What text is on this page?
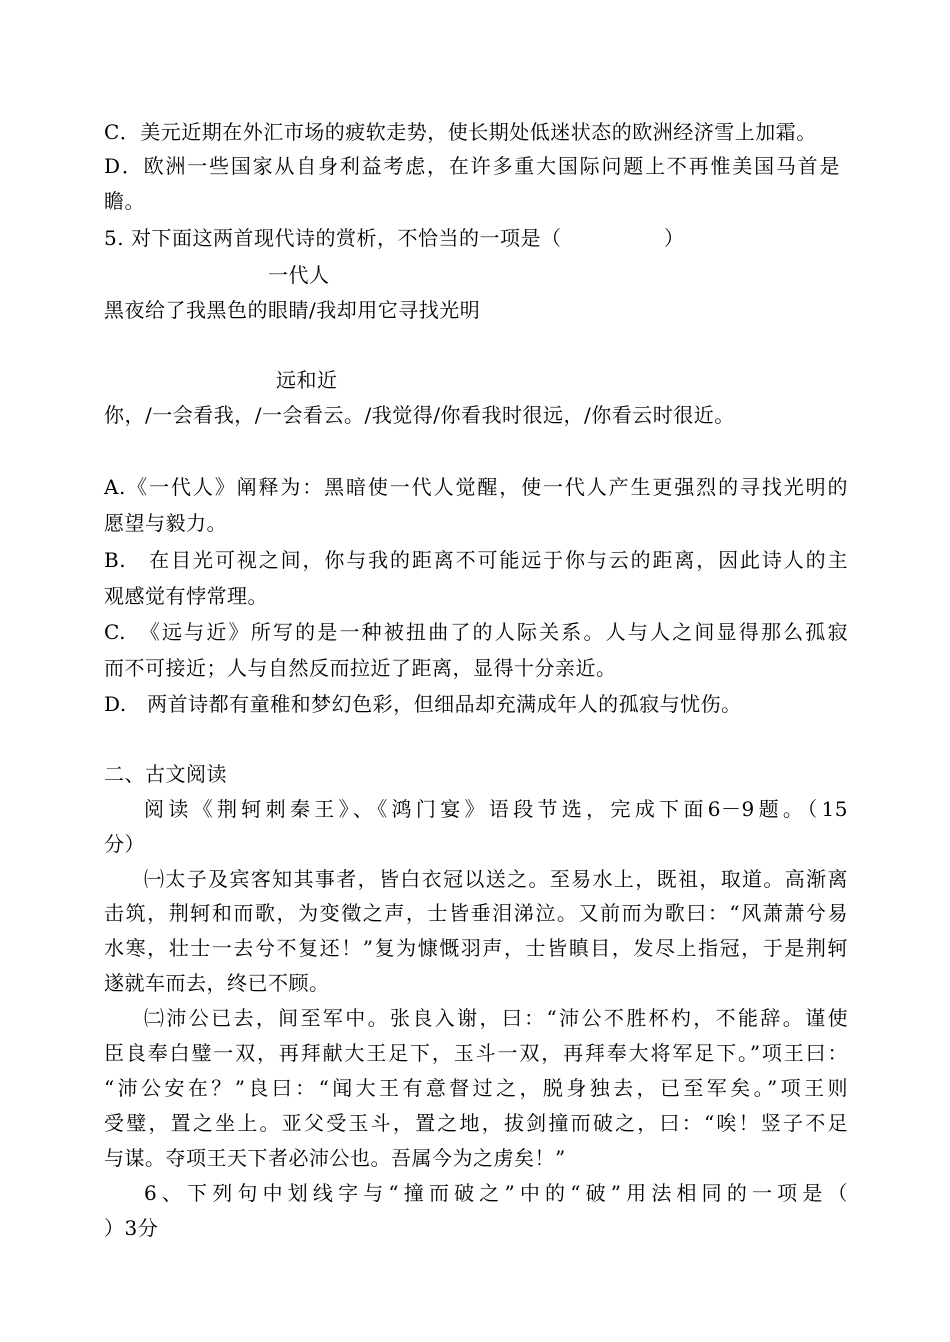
C．美元近期在外汇市场的疲软走势，使长期处低迷状态的欧洲经济雪上加霜。
D．欧洲一些国家从自身利益考虑，在许多重大国际问题上不再惟美国马首是
瞻。
5. 对下面这两首现代诗的赏析，不恰当的一项是（　　　　　）
一代人
黑夜给了我黑色的眼睛/我却用它寻找光明
远和近
你，/一会看我，/一会看云。/我觉得/你看我时很远，/你看云时很近。
A.《一代人》阐释为：黑暗使一代人觉醒，使一代人产生更强烈的寻找光明的
愿望与毅力。
B.　在目光可视之间，你与我的距离不可能远于你与云的距离，因此诗人的主
观感觉有悖常理。
C.　《远与近》所写的是一种被扭曲了的人际关系。人与人之间显得那么孤寂
而不可接近；人与自然反而拉近了距离，显得十分亲近。
D.　两首诗都有童稚和梦幻色彩，但细品却充满成年人的孤寂与忧伤。
二、古文阅读
阅读《荆轲刺秦王》、《鸿门宴》语段节选，完成下面6－9题。（15
分）
㈠太子及宾客知其事者，皆白衣冠以送之。至易水上，既祖，取道。高渐离
击筑，荆轲和而歌，为变徵之声，士皆垂泪涕泣。又前而为歌曰：“风萧萧兮易
水寒，壮士一去兮不复还！”复为慷慨羽声，士皆瞋目，发尽上指冠，于是荆轲
遂就车而去，终已不顾。
㈡沛公已去，间至军中。张良入谢，曰：“沛公不胜杯杓，不能辞。谨使
臣良奉白璧一双，再拜献大王足下，玉斗一双，再拜奉大将军足下。”项王曰：
“沛公安在？”良曰：“闻大王有意督过之，脱身独去，已至军矣。”项王则
受璧，置之坐上。亚父受玉斗，置之地，拔剑撞而破之，曰：“唉！竖子不足
与谋。夺项王天下者必沛公也。吾属今为之虏矣！”
6、下列句中划线字与“撞而破之”中的“破”用法相同的一项是（
）3分
